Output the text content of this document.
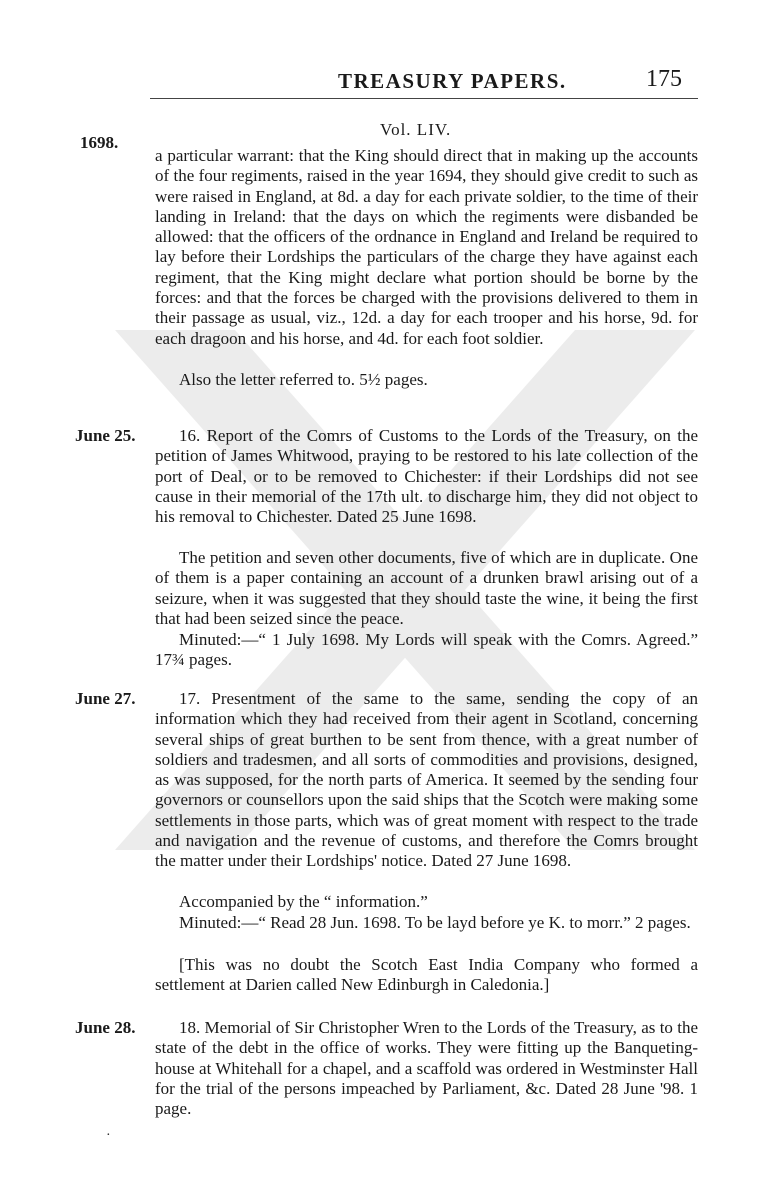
TREASURY PAPERS.	175
1698.
Vol. LIV.

a particular warrant: that the King should direct that in making up the accounts of the four regiments, raised in the year 1694, they should give credit to such as were raised in England, at 8d. a day for each private soldier, to the time of their landing in Ireland: that the days on which the regiments were disbanded be allowed: that the officers of the ordnance in England and Ireland be required to lay before their Lordships the particulars of the charge they have against each regiment, that the King might declare what portion should be borne by the forces: and that the forces be charged with the provisions delivered to them in their passage as usual, viz., 12d. a day for each trooper and his horse, 9d. for each dragoon and his horse, and 4d. for each foot soldier.

Also the letter referred to. 5½ pages.

June 25.	16. Report of the Comrs of Customs to the Lords of the Treasury, on the petition of James Whitwood, praying to be restored to his late collection of the port of Deal, or to be removed to Chichester: if their Lordships did not see cause in their memorial of the 17th ult. to discharge him, they did not object to his removal to Chichester. Dated 25 June 1698.

The petition and seven other documents, five of which are in duplicate. One of them is a paper containing an account of a drunken brawl arising out of a seizure, when it was suggested that they should taste the wine, it being the first that had been seized since the peace.

Minuted:—“ 1 July 1698. My Lords will speak with the Comrs. Agreed.” 17¾ pages.

June 27.	17. Presentment of the same to the same, sending the copy of an information which they had received from their agent in Scotland, concerning several ships of great burthen to be sent from thence, with a great number of soldiers and tradesmen, and all sorts of commodities and provisions, designed, as was supposed, for the north parts of America. It seemed by the sending four governors or counsellors upon the said ships that the Scotch were making some settlements in those parts, which was of great moment with respect to the trade and navigation and the revenue of customs, and therefore the Comrs brought the matter under their Lordships' notice. Dated 27 June 1698.

Accompanied by the “ information.”

Minuted:—“ Read 28 Jun. 1698. To be layd before ye K. to morr.” 2 pages.

[This was no doubt the Scotch East India Company who formed a settlement at Darien called New Edinburgh in Caledonia.]

June 28.	18. Memorial of Sir Christopher Wren to the Lords of the Treasury, as to the state of the debt in the office of works. They were fitting up the Banqueting-house at Whitehall for a chapel, and a scaffold was ordered in Westminster Hall for the trial of the persons impeached by Parliament, &c. Dated 28 June '98. 1 page.

·
